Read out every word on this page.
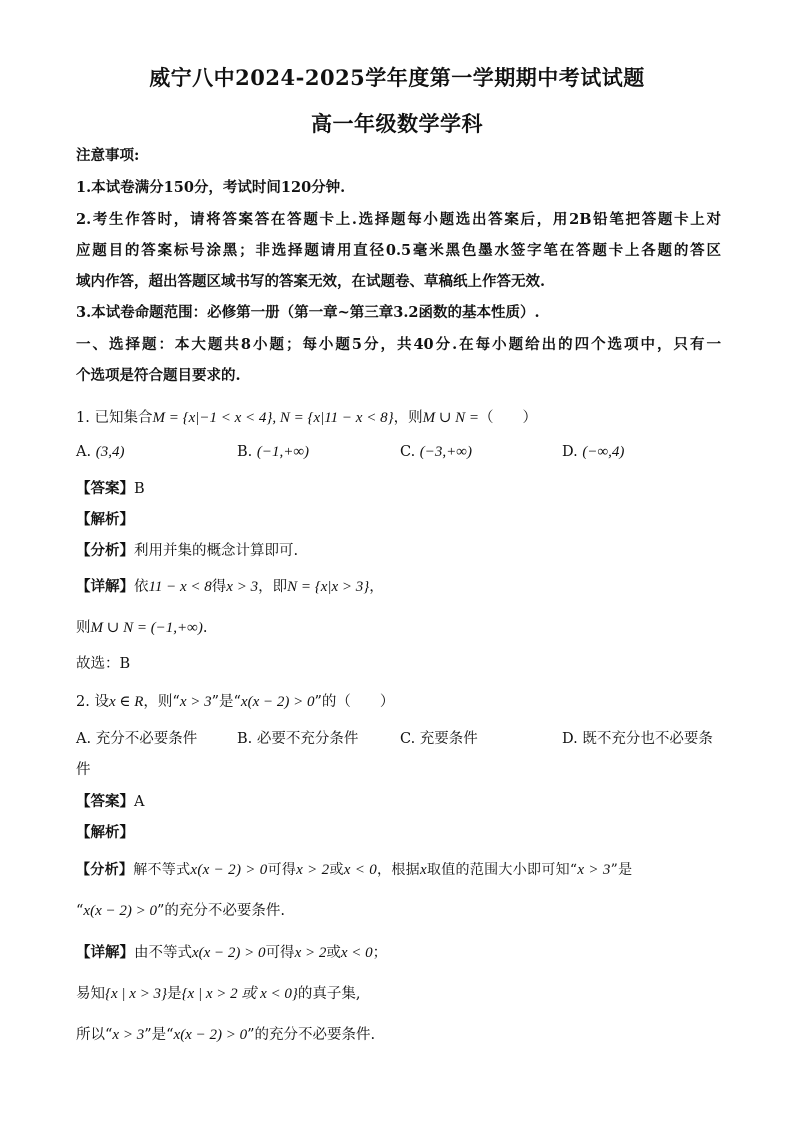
威宁八中2024-2025学年度第一学期期中考试试题
高一年级数学学科
注意事项:
1.本试卷满分150分，考试时间120分钟.
2.考生作答时，请将答案答在答题卡上.选择题每小题选出答案后，用2B铅笔把答题卡上对
应题目的答案标号涂黑；非选择题请用直径0.5毫米黑色墨水签字笔在答题卡上各题的答区
域内作答，超出答题区域书写的答案无效，在试题卷、草稿纸上作答无效.
3.本试卷命题范围：必修第一册（第一章~第三章3.2函数的基本性质）.
一、选择题：本大题共8小题；每小题5分，共40分.在每小题给出的四个选项中，只有一
个选项是符合题目要求的.
1. 已知集合M = {x|−1 < x < 4}, N = {x|11 − x < 8}，则M ∪ N =（　　）
A. (3,4)	B. (−1,+∞)	C. (−3,+∞)	D. (−∞,4)
【答案】B
【解析】
【分析】利用并集的概念计算即可.
【详解】依11 − x < 8得x > 3，即N = {x|x > 3}，
则M ∪ N = (−1,+∞).
故选：B
2. 设x ∈ R，则“x > 3”是“x(x − 2) > 0”的（　　）
A. 充分不必要条件	B. 必要不充分条件	C. 充要条件	D. 既不充分也不必要条
件
【答案】A
【解析】
【分析】解不等式x(x − 2) > 0可得x > 2或x < 0，根据x取值的范围大小即可知“x > 3”是
“x(x − 2) > 0”的充分不必要条件.
【详解】由不等式x(x − 2) > 0可得x > 2或x < 0；
易知{x | x > 3}是{x | x > 2 或 x < 0}的真子集,
所以“x > 3”是“x(x − 2) > 0”的充分不必要条件.
